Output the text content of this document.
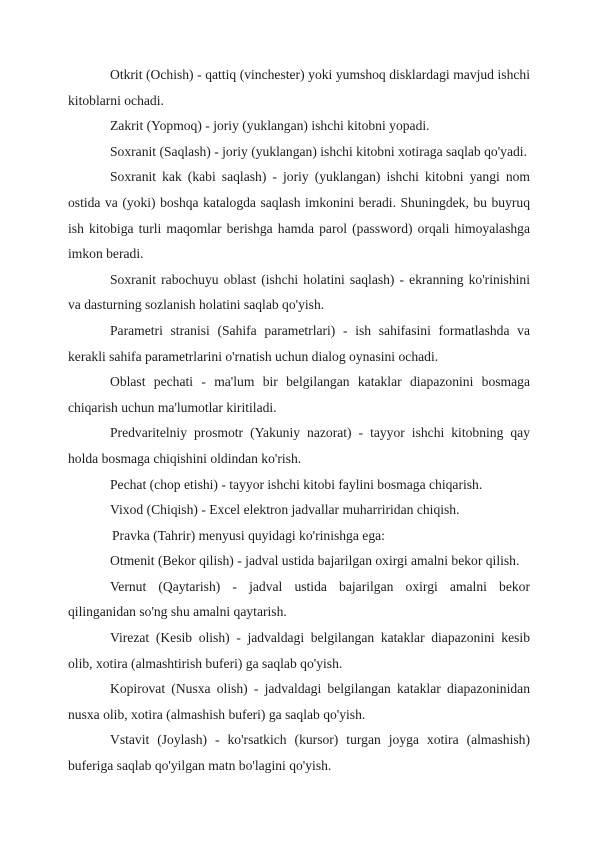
Otkrit (Ochish) - qattiq (vinchester) yoki yumshoq disklardagi mavjud ishchi kitoblarni ochadi.

Zakrit (Yopmoq) - joriy (yuklangan) ishchi kitobni yopadi.

Soxranit (Saqlash) - joriy (yuklangan) ishchi kitobni xotiraga saqlab qo'yadi.

Soxranit kak (kabi saqlash) - joriy (yuklangan) ishchi kitobni yangi nom ostida va (yoki) boshqa katalogda saqlash imkonini beradi. Shuningdek, bu buyruq ish kitobiga turli maqomlar berishga hamda parol (password) orqali himoyalashga imkon beradi.

Soxranit rabochuyu oblast (ishchi holatini saqlash) - ekranning ko'rinishini va dasturning sozlanish holatini saqlab qo'yish.

Parametri stranisi (Sahifa parametrlari) - ish sahifasini formatlashda va kerakli sahifa parametrlarini o'rnatish uchun dialog oynasini ochadi.

Oblast pechati - ma'lum bir belgilangan kataklar diapazonini bosmaga chiqarish uchun ma'lumotlar kiritiladi.

Predvaritelniy prosmotr (Yakuniy nazorat) - tayyor ishchi kitobning qay holda bosmaga chiqishini oldindan ko'rish.

Pechat (chop etishi) - tayyor ishchi kitobi faylini bosmaga chiqarish.

Vixod (Chiqish) - Excel elektron jadvallar muharriridan chiqish.

Pravka (Tahrir) menyusi quyidagi ko'rinishga ega:

Otmenit (Bekor qilish) - jadval ustida bajarilgan oxirgi amalni bekor qilish.

Vernut (Qaytarish) - jadval ustida bajarilgan oxirgi amalni bekor qilinganidan so'ng shu amalni qaytarish.

Virezat (Kesib olish) - jadvaldagi belgilangan kataklar diapazonini kesib olib, xotira (almashtirish buferi) ga saqlab qo'yish.

Kopirovat (Nusxa olish) - jadvaldagi belgilangan kataklar diapazoninidan nusxa olib, xotira (almashish buferi) ga saqlab qo'yish.

Vstavit (Joylash) - ko'rsatkich (kursor) turgan joyga xotira (almashish) buferiga saqlab qo'yilgan matn bo'lagini qo'yish.
